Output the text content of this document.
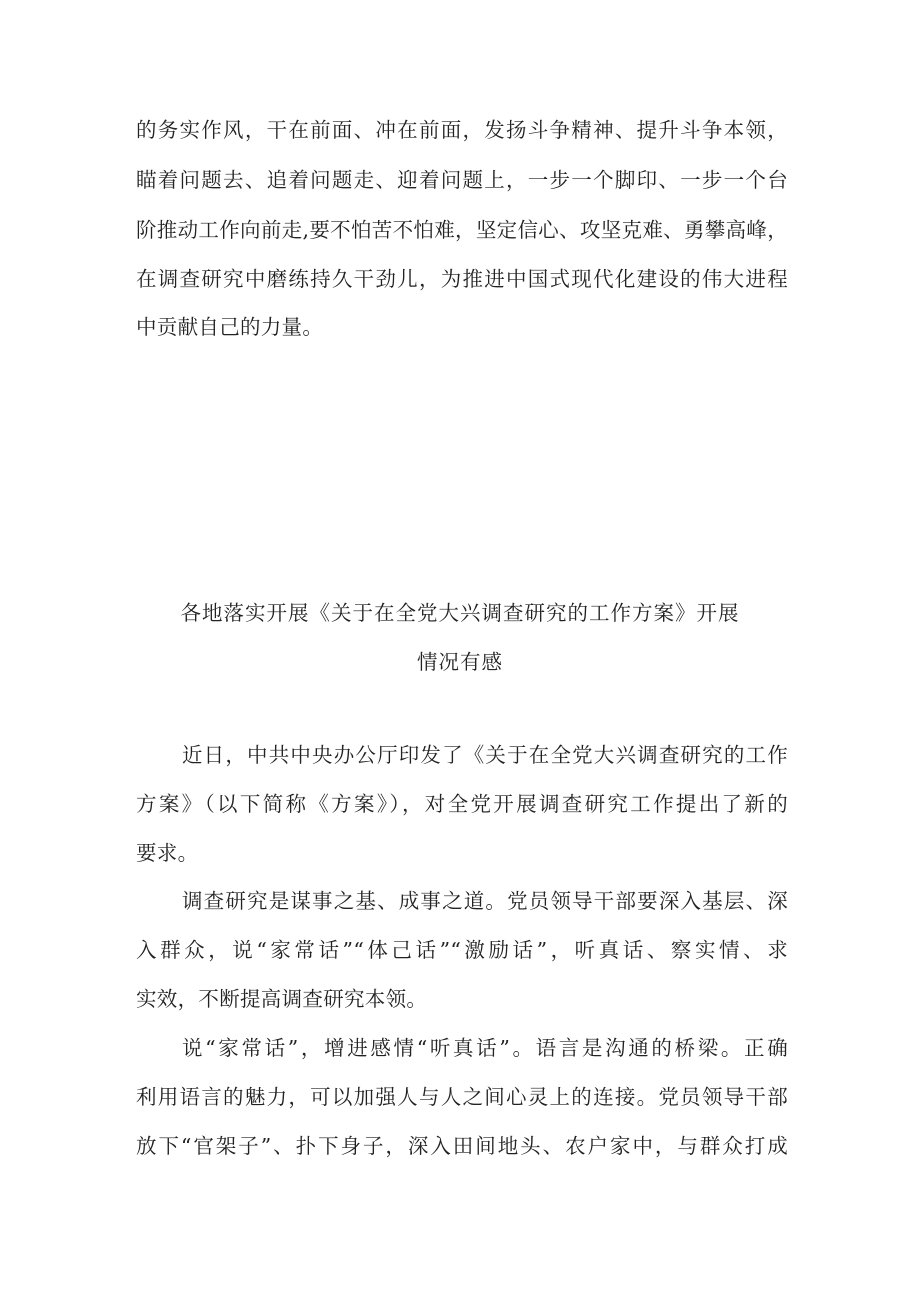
的务实作风，干在前面、冲在前面，发扬斗争精神、提升斗争本领，
瞄着问题去、追着问题走、迎着问题上，一步一个脚印、一步一个台
阶推动工作向前走,要不怕苦不怕难，坚定信心、攻坚克难、勇攀高峰，
在调查研究中磨练持久干劲儿，为推进中国式现代化建设的伟大进程
中贡献自己的力量。
各地落实开展《关于在全党大兴调查研究的工作方案》开展
情况有感
近日，中共中央办公厅印发了《关于在全党大兴调查研究的工作
方案》（以下简称《方案》），对全党开展调查研究工作提出了新的
要求。
调查研究是谋事之基、成事之道。党员领导干部要深入基层、深
入群众，说“家常话”“体己话”“激励话”，听真话、察实情、求
实效，不断提高调查研究本领。
说“家常话”，增进感情“听真话”。语言是沟通的桥梁。正确
利用语言的魅力，可以加强人与人之间心灵上的连接。党员领导干部
放下“官架子”、扑下身子，深入田间地头、农户家中，与群众打成
